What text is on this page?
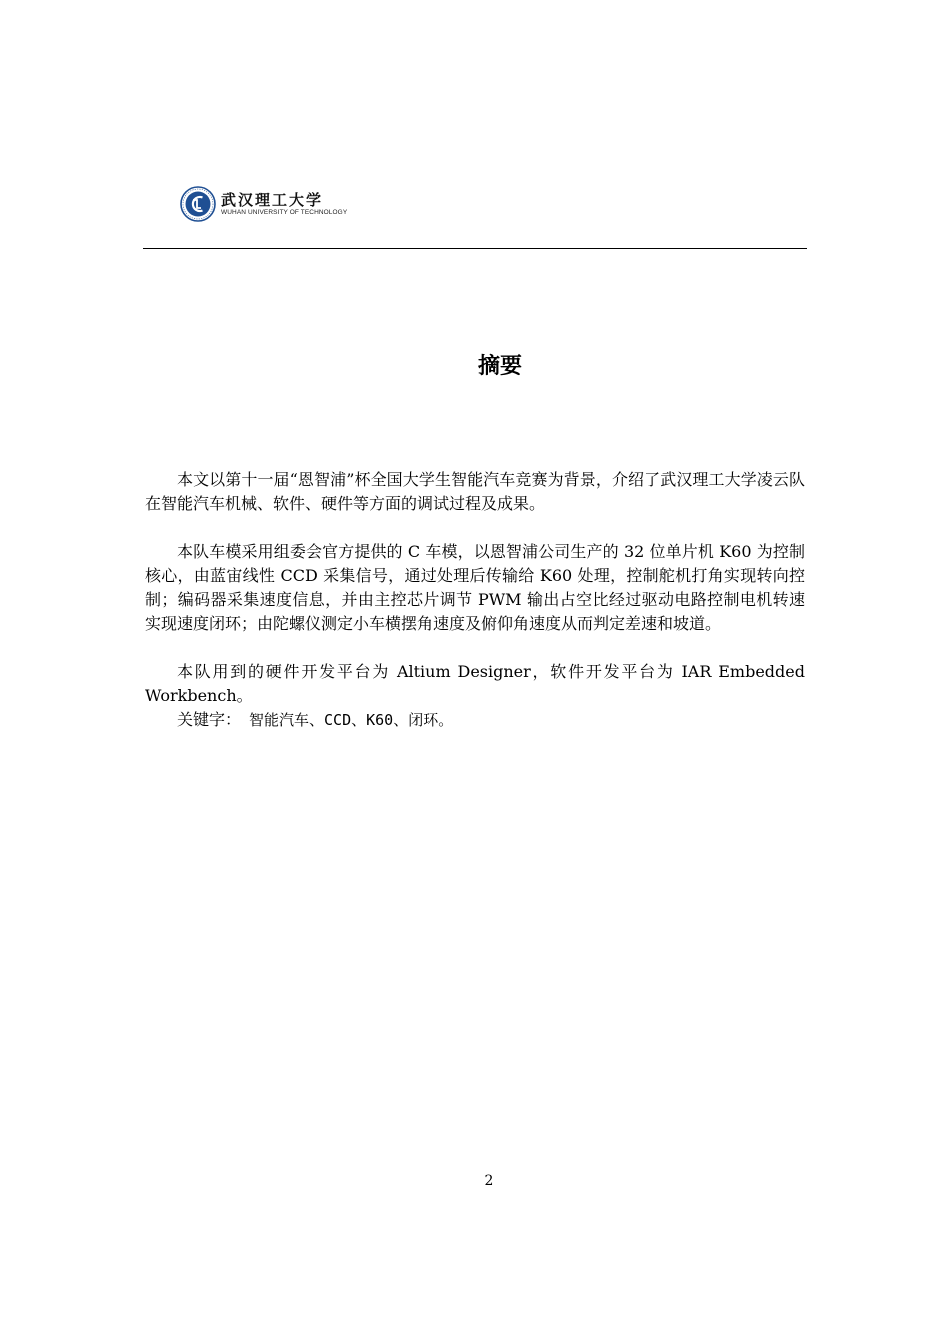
武汉理工大学
WUHAN UNIVERSITY OF TECHNOLOGY
摘要

本文以第十一届“恩智浦”杯全国大学生智能汽车竞赛为背景，介绍了武汉理工大学凌云队在智能汽车机械、软件、硬件等方面的调试过程及成果。

本队车模采用组委会官方提供的 C 车模，以恩智浦公司生产的 32 位单片机 K60 为控制核心，由蓝宙线性 CCD 采集信号，通过处理后传输给 K60 处理，控制舵机打角实现转向控制；编码器采集速度信息，并由主控芯片调节 PWM 输出占空比经过驱动电路控制电机转速实现速度闭环；由陀螺仪测定小车横摆角速度及俯仰角速度从而判定差速和坡道。

本队用到的硬件开发平台为 Altium Designer，软件开发平台为 IAR Embedded Workbench。

关键字： 智能汽车、CCD、K60、闭环。

2
